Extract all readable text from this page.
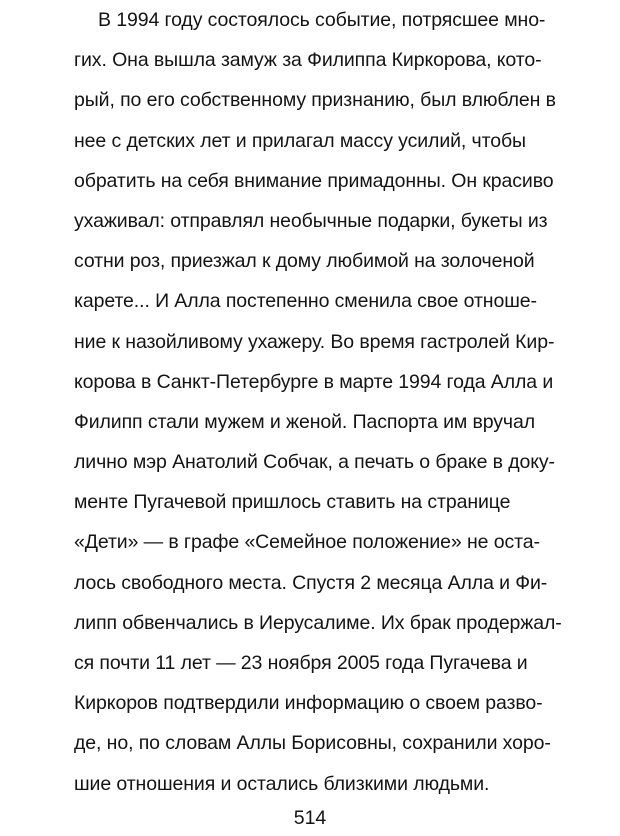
В 1994 году состоялось событие, потрясшее мно-
гих. Она вышла замуж за Филиппа Киркорова, кото-
рый, по его собственному признанию, был влюблен в
нее с детских лет и прилагал массу усилий, чтобы
обратить на себя внимание примадонны. Он красиво
ухаживал: отправлял необычные подарки, букеты из
сотни роз, приезжал к дому любимой на золоченой
карете... И Алла постепенно сменила свое отноше-
ние к назойливому ухажеру. Во время гастролей Кир-
корова в Санкт-Петербурге в марте 1994 года Алла и
Филипп стали мужем и женой. Паспорта им вручал
лично мэр Анатолий Собчак, а печать о браке в доку-
менте Пугачевой пришлось ставить на странице
«Дети» — в графе «Семейное положение» не оста-
лось свободного места. Спустя 2 месяца Алла и Фи-
липп обвенчались в Иерусалиме. Их брак продержал-
ся почти 11 лет — 23 ноября 2005 года Пугачева и
Киркоров подтвердили информацию о своем разво-
де, но, по словам Аллы Борисовны, сохранили хоро-
шие отношения и остались близкими людьми.
514
